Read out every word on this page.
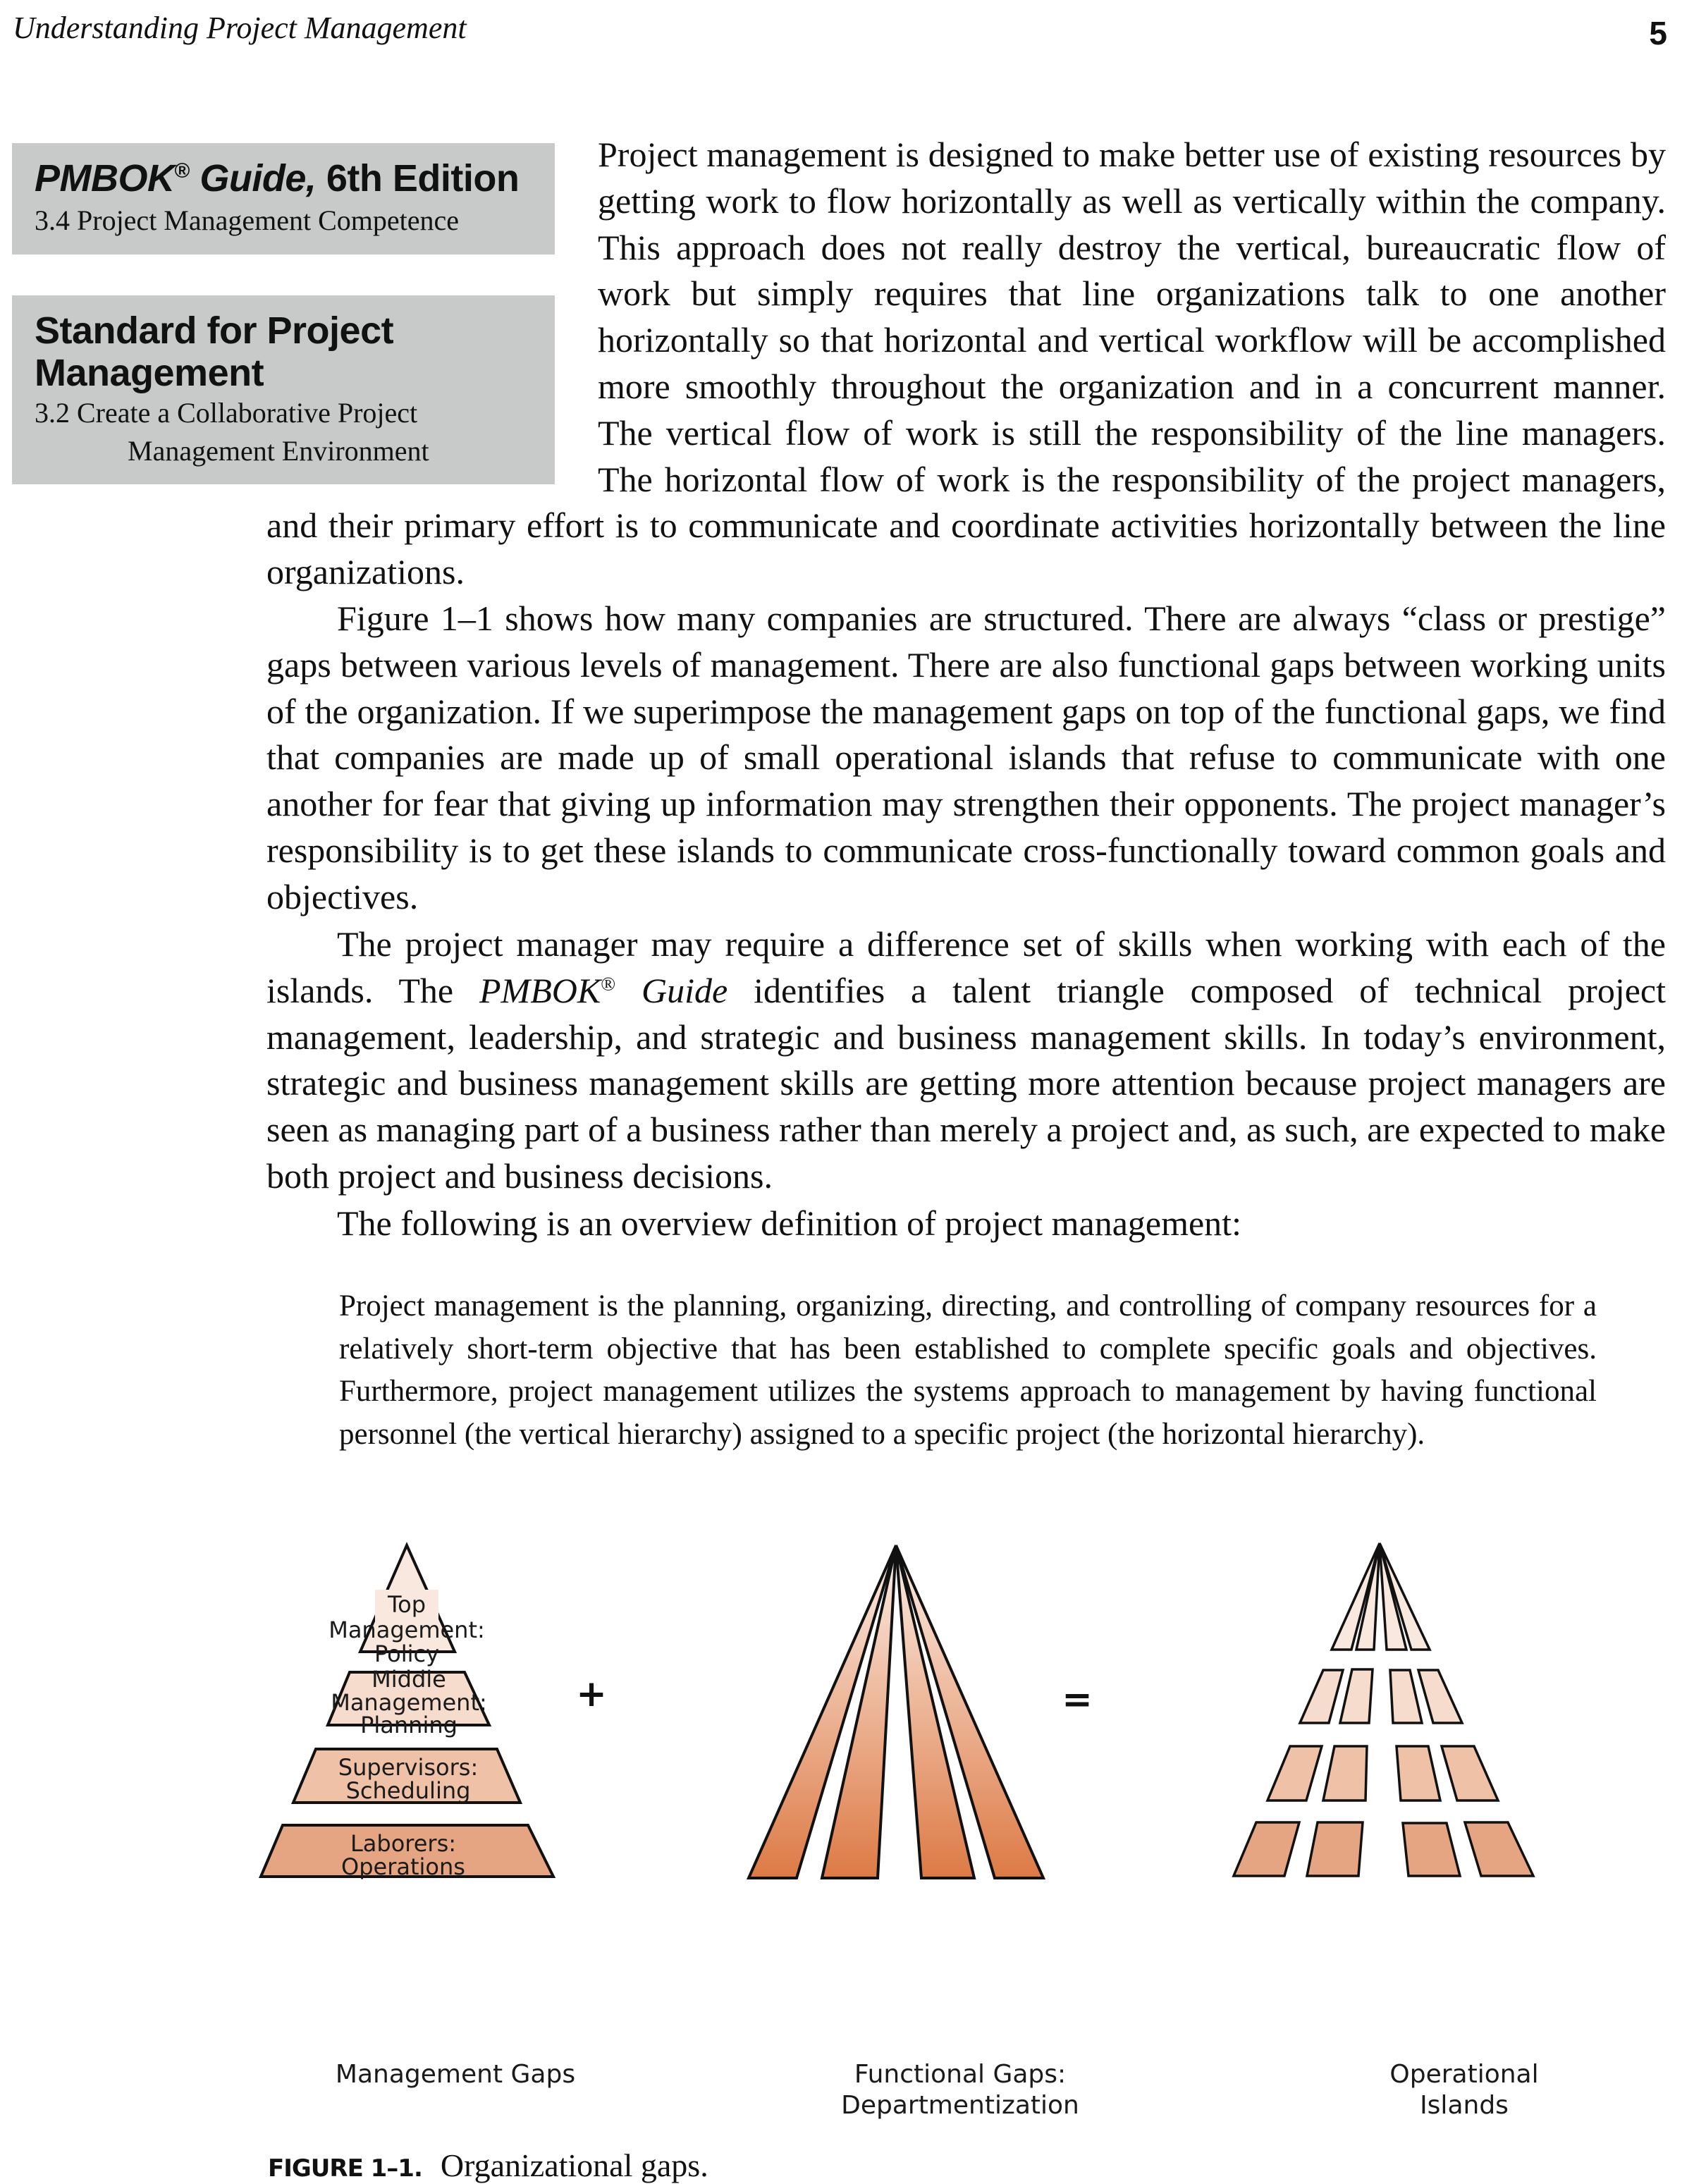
Understanding Project Management	5
PMBOK® Guide, 6th Edition
3.4 Project Management Competence
Standard for Project Management
3.2 Create a Collaborative Project
Management Environment
Project management is designed to make better use of existing resources by getting work to flow horizontally as well as vertically within the company. This approach does not really destroy the vertical, bureaucratic flow of work but simply requires that line organizations talk to one another horizontally so that horizontal and vertical workflow will be accomplished more smoothly throughout the organization and in a concurrent manner. The vertical flow of work is still the responsibility of the line managers. The horizontal flow of work is the responsibility of the project managers, and their primary effort is to communicate and coordinate activities horizontally between the line organizations.
Figure 1–1 shows how many companies are structured. There are always “class or prestige” gaps between various levels of management. There are also functional gaps between working units of the organization. If we superimpose the management gaps on top of the functional gaps, we find that companies are made up of small operational islands that refuse to communicate with one another for fear that giving up information may strengthen their opponents. The project manager’s responsibility is to get these islands to communicate cross-functionally toward common goals and objectives.
The project manager may require a difference set of skills when working with each of the islands. The PMBOK® Guide identifies a talent triangle composed of technical project management, leadership, and strategic and business management skills. In today’s environment, strategic and business management skills are getting more attention because project managers are seen as managing part of a business rather than merely a project and, as such, are expected to make both project and business decisions.
The following is an overview definition of project management:
Project management is the planning, organizing, directing, and controlling of company resources for a relatively short-term objective that has been established to complete specific goals and objectives. Furthermore, project management utilizes the systems approach to management by having functional personnel (the vertical hierarchy) assigned to a specific project (the horizontal hierarchy).
Top
Management:
Policy
Middle
Management:
Planning
Supervisors:
Scheduling
Laborers:
Operations
+	=
Management Gaps	Functional Gaps:
Departmentization
Operational
Islands
FIGURE 1–1. Organizational gaps.
